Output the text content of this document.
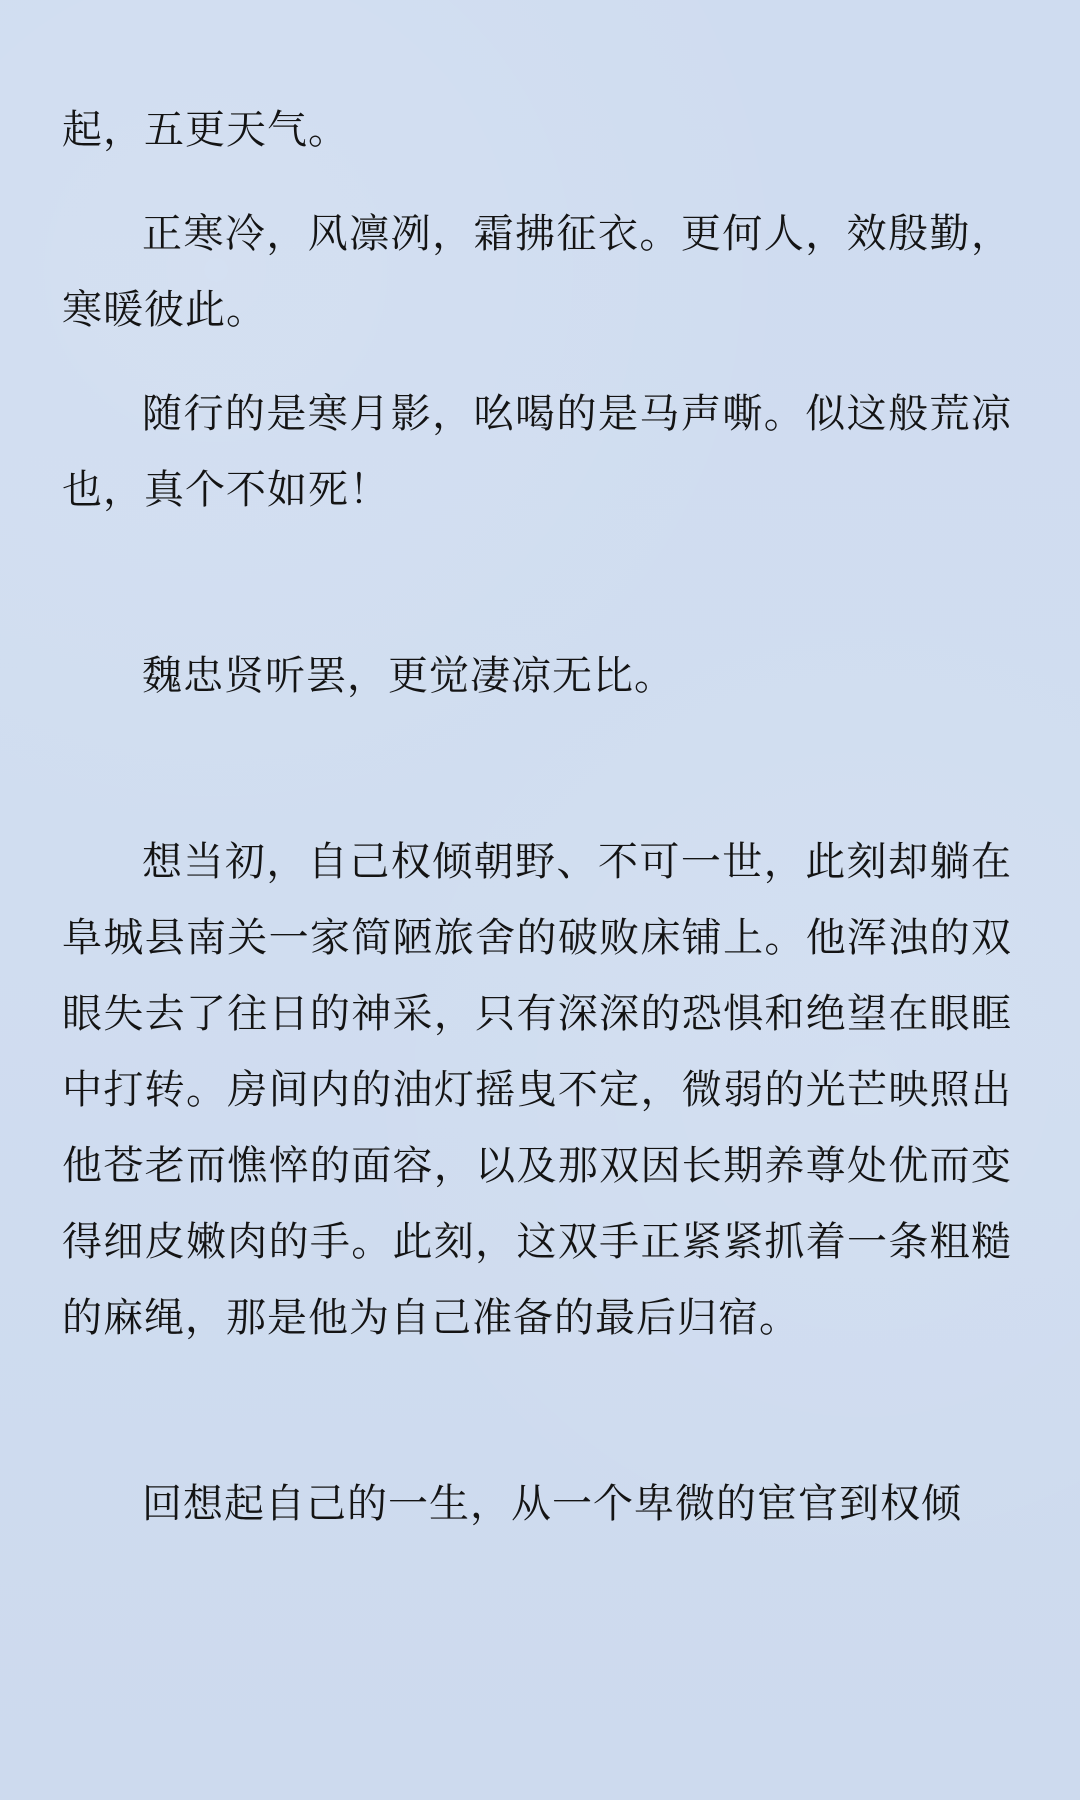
起，五更天气。

正寒冷，风凛冽，霜拂征衣。更何人，效殷勤，寒暖彼此。

随行的是寒月影，吆喝的是马声嘶。似这般荒凉也，真个不如死！

魏忠贤听罢，更觉凄凉无比。

想当初，自己权倾朝野、不可一世，此刻却躺在阜城县南关一家简陋旅舍的破败床铺上。他浑浊的双眼失去了往日的神采，只有深深的恐惧和绝望在眼眶中打转。房间内的油灯摇曳不定，微弱的光芒映照出他苍老而憔悴的面容，以及那双因长期养尊处优而变得细皮嫩肉的手。此刻，这双手正紧紧抓着一条粗糙的麻绳，那是他为自己准备的最后归宿。

回想起自己的一生，从一个卑微的宦官到权倾
